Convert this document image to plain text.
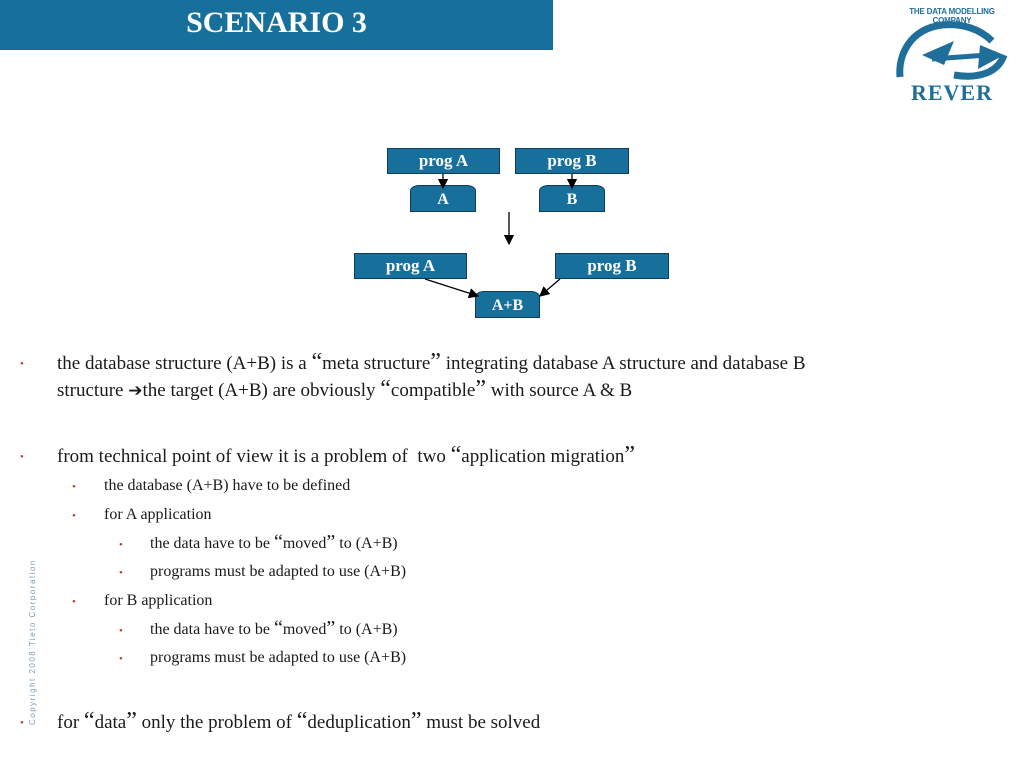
SCENARIO 3	THE DATA MODELLING COMPANY
REVER
prog A	prog B
A	B
prog A	prog B
A+B
• the database structure (A+B) is a “meta structure” integrating database A structure and database B
structure ➔the target (A+B) are obviously “compatible” with source A & B
• from technical point of view it is a problem of  two “application migration”
• the database (A+B) have to be defined
• for A application
• the data have to be “moved” to (A+B)
• programs must be adapted to use (A+B)
• for B application
• the data have to be “moved” to (A+B)
• programs must be adapted to use (A+B)
• for “data” only the problem of “deduplication” must be solved
Copyright 2008 Tieto Corporation
